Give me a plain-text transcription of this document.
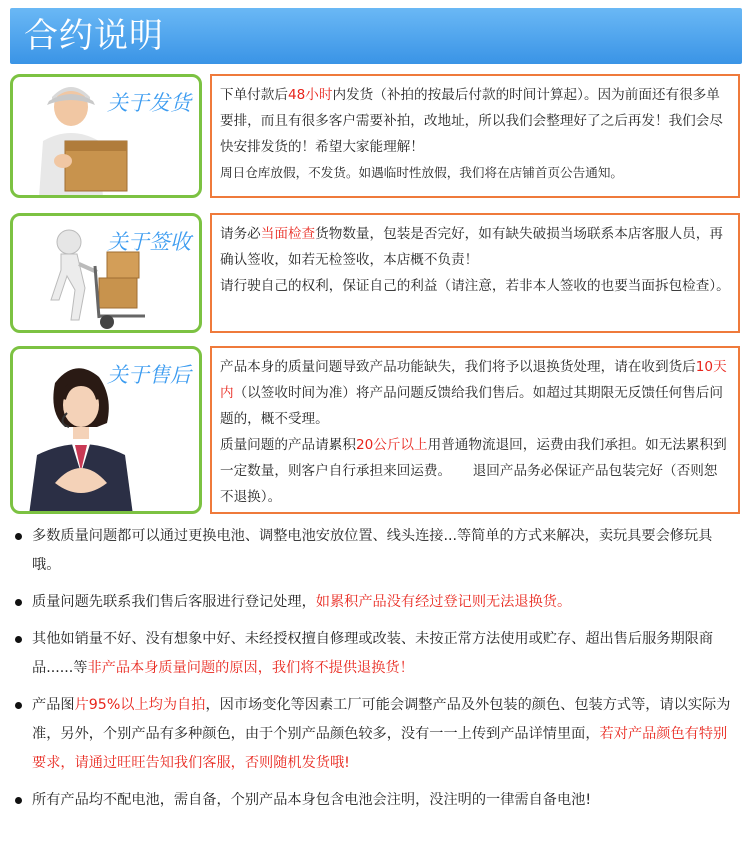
合约说明
关于发货 下单付款后48小时内发货（补拍的按最后付款的时间计算起）。因为前面还有很多单要排，而且有很多客户需要补拍，改地址，所以我们会整理好了之后再发！我们会尽快安排发货的！希望大家能理解！

周日仓库放假，不发货。如遇临时性放假，我们将在店铺首页公告通知。

关于签收 请务必当面检查货物数量，包装是否完好，如有缺失破损当场联系本店客服人员，再确认签收，如若无检签收，本店概不负责！

请行驶自己的权利，保证自己的利益（请注意，若非本人签收的也要当面拆包检查）。

关于售后 产品本身的质量问题导致产品功能缺失，我们将予以退换货处理，请在收到货后10天内（以签收时间为准）将产品问题反馈给我们售后。如超过其期限无反馈任何售后问题的，概不受理。

质量问题的产品请累积20公斤以上用普通物流退回，运费由我们承担。如无法累积到一定数量，则客户自行承担来回运费。     退回产品务必保证产品包装完好（否则恕不退换）。

多数质量问题都可以通过更换电池、调整电池安放位置、线头连接...等简单的方式来解决，卖玩具要会修玩具哦。
质量问题先联系我们售后客服进行登记处理，如累积产品没有经过登记则无法退换货。
其他如销量不好、没有想象中好、未经授权擅自修理或改装、未按正常方法使用或贮存、超出售后服务期限商品......等非产品本身质量问题的原因，我们将不提供退换货！
产品图片95%以上均为自拍，因市场变化等因素工厂可能会调整产品及外包装的颜色、包装方式等，请以实际为准，另外，个别产品有多种颜色，由于个别产品颜色较多，没有一一上传到产品详情里面，若对产品颜色有特别要求，请通过旺旺告知我们客服，否则随机发货哦!
所有产品均不配电池，需自备，个别产品本身包含电池会注明，没注明的一律需自备电池!
